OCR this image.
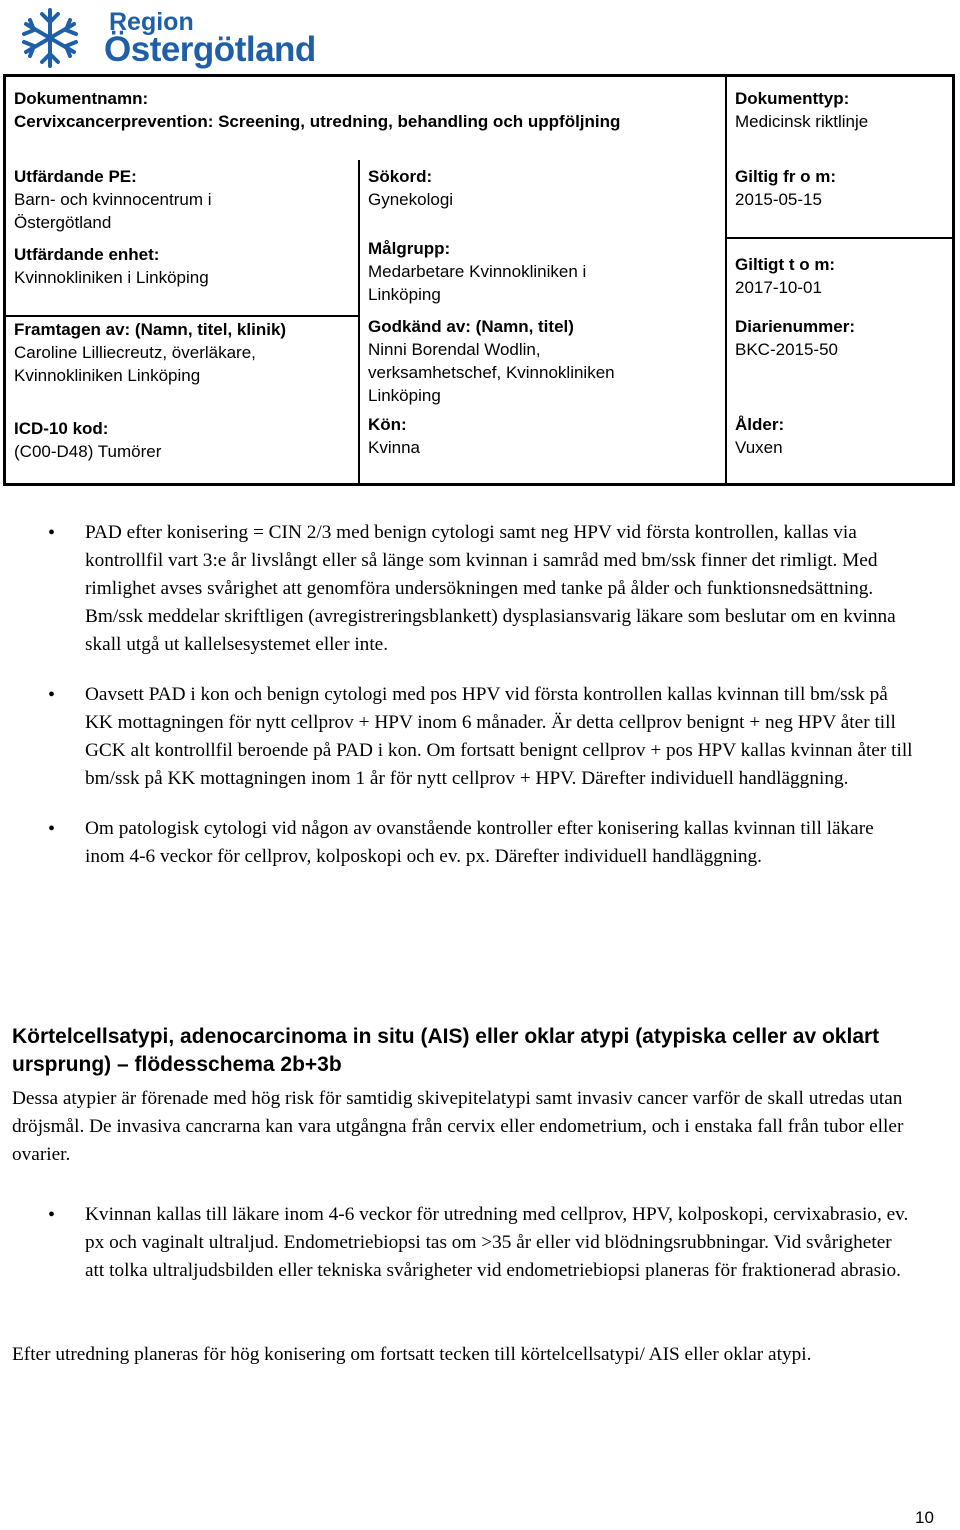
Region
Östergötland
Dokumentnamn:
Cervixcancerprevention: Screening, utredning, behandling och uppföljning
Dokumenttyp:
Medicinsk riktlinje
Utfärdande PE:
Barn- och kvinnocentrum i Östergötland
Sökord:
Gynekologi
Giltig fr o m:
2015-05-15
Utfärdande enhet:
Kvinnokliniken i Linköping
Målgrupp:
Medarbetare Kvinnokliniken i Linköping
Giltigt t o m:
2017-10-01
Framtagen av: (Namn, titel, klinik)
Caroline Lilliecreutz, överläkare, Kvinnokliniken Linköping
Godkänd av: (Namn, titel)
Ninni Borendal Wodlin, verksamhetschef, Kvinnokliniken Linköping
Diarienummer:
BKC-2015-50
ICD-10 kod:
(C00-D48) Tumörer
Kön:
Kvinna
Ålder:
Vuxen
• PAD efter konisering = CIN 2/3 med benign cytologi samt neg HPV vid första kontrollen, kallas via kontrollfil vart 3:e år livslångt eller så länge som kvinnan i samråd med bm/ssk finner det rimligt. Med rimlighet avses svårighet att genomföra undersökningen med tanke på ålder och funktionsnedsättning. Bm/ssk meddelar skriftligen (avregistreringsblankett) dysplasiansvarig läkare som beslutar om en kvinna skall utgå ut kallelsesystemet eller inte.
• Oavsett PAD i kon och benign cytologi med pos HPV vid första kontrollen kallas kvinnan till bm/ssk på KK mottagningen för nytt cellprov + HPV inom 6 månader. Är detta cellprov benignt + neg HPV åter till GCK alt kontrollfil beroende på PAD i kon. Om fortsatt benignt cellprov + pos HPV kallas kvinnan åter till bm/ssk på KK mottagningen inom 1 år för nytt cellprov + HPV. Därefter individuell handläggning.
• Om patologisk cytologi vid någon av ovanstående kontroller efter konisering kallas kvinnan till läkare inom 4-6 veckor för cellprov, kolposkopi och ev. px. Därefter individuell handläggning.
Körtelcellsatypi, adenocarcinoma in situ (AIS) eller oklar atypi (atypiska celler av oklart ursprung) – flödesschema 2b+3b
Dessa atypier är förenade med hög risk för samtidig skivepitelatypi samt invasiv cancer varför de skall utredas utan dröjsmål. De invasiva cancrarna kan vara utgångna från cervix eller endometrium, och i enstaka fall från tubor eller ovarier.
• Kvinnan kallas till läkare inom 4-6 veckor för utredning med cellprov, HPV, kolposkopi, cervixabrasio, ev. px och vaginalt ultraljud. Endometriebiopsi tas om >35 år eller vid blödningsrubbningar. Vid svårigheter att tolka ultraljudsbilden eller tekniska svårigheter vid endometriebiopsi planeras för fraktionerad abrasio.
Efter utredning planeras för hög konisering om fortsatt tecken till körtelcellsatypi/ AIS eller oklar atypi.
10
